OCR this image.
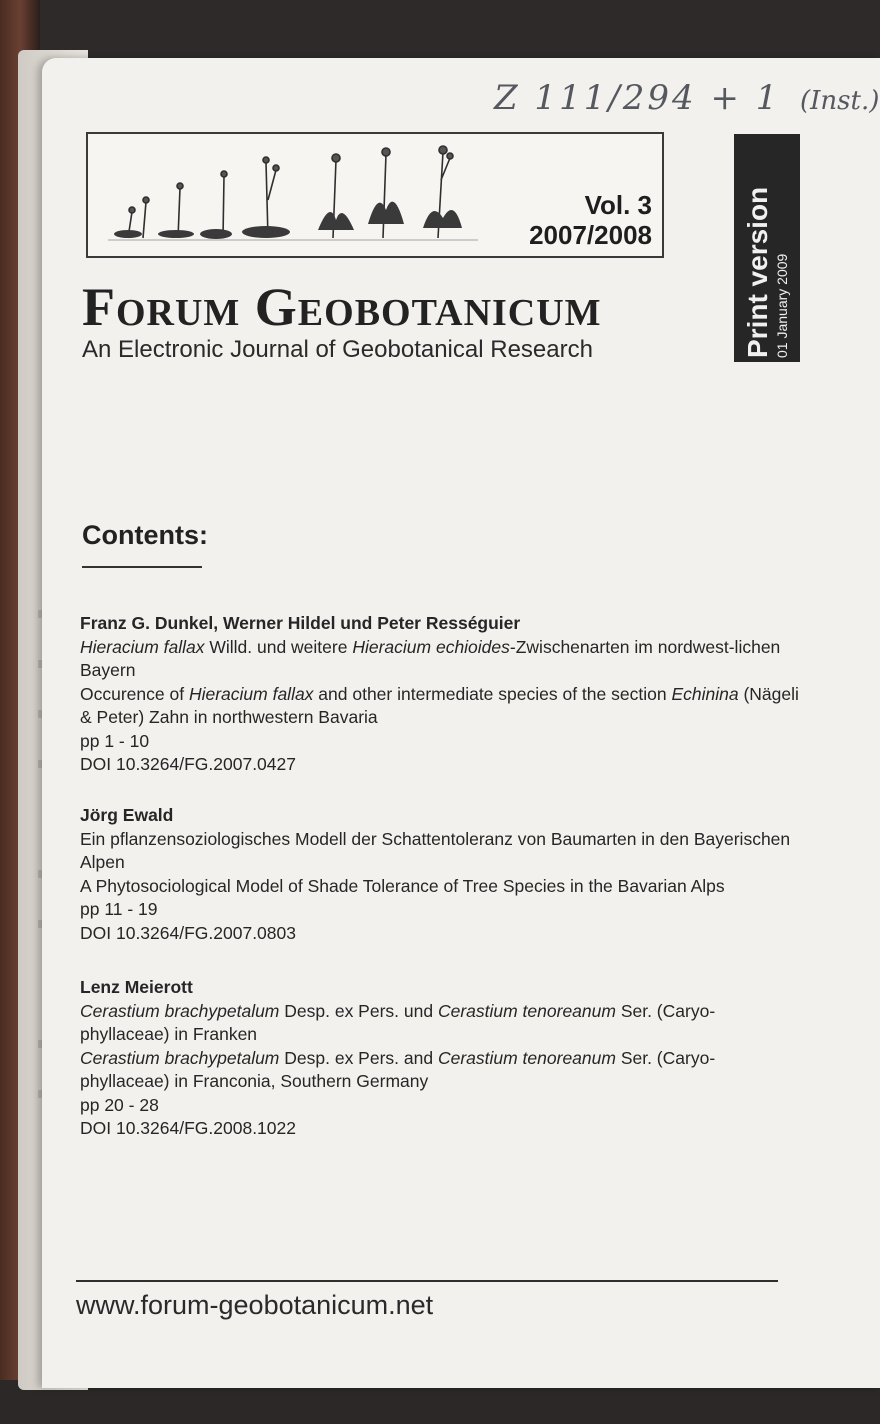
Z 111/294 + 1 (Inst.)
Vol. 3
2007/2008	Print version 01 January 2009
Forum Geobotanicum
An Electronic Journal of Geobotanical Research
Contents:

Franz G. Dunkel, Werner Hildel und Peter Rességuier

Hieracium fallax Willd. und weitere Hieracium echioides-Zwischenarten im nordwest-lichen Bayern

Occurence of Hieracium fallax and other intermediate species of the section Echinina (Nägeli & Peter) Zahn in northwestern Bavaria

pp 1 - 10

DOI 10.3264/FG.2007.0427

Jörg Ewald

Ein pflanzensoziologisches Modell der Schattentoleranz von Baumarten in den Bayerischen Alpen

A Phytosociological Model of Shade Tolerance of Tree Species in the Bavarian Alps

pp 11 - 19

DOI 10.3264/FG.2007.0803

Lenz Meierott

Cerastium brachypetalum Desp. ex Pers. und Cerastium tenoreanum Ser. (Caryo-phyllaceae) in Franken

Cerastium brachypetalum Desp. ex Pers. and Cerastium tenoreanum Ser. (Caryo-phyllaceae) in Franconia, Southern Germany

pp 20 - 28

DOI 10.3264/FG.2008.1022

www.forum-geobotanicum.net
